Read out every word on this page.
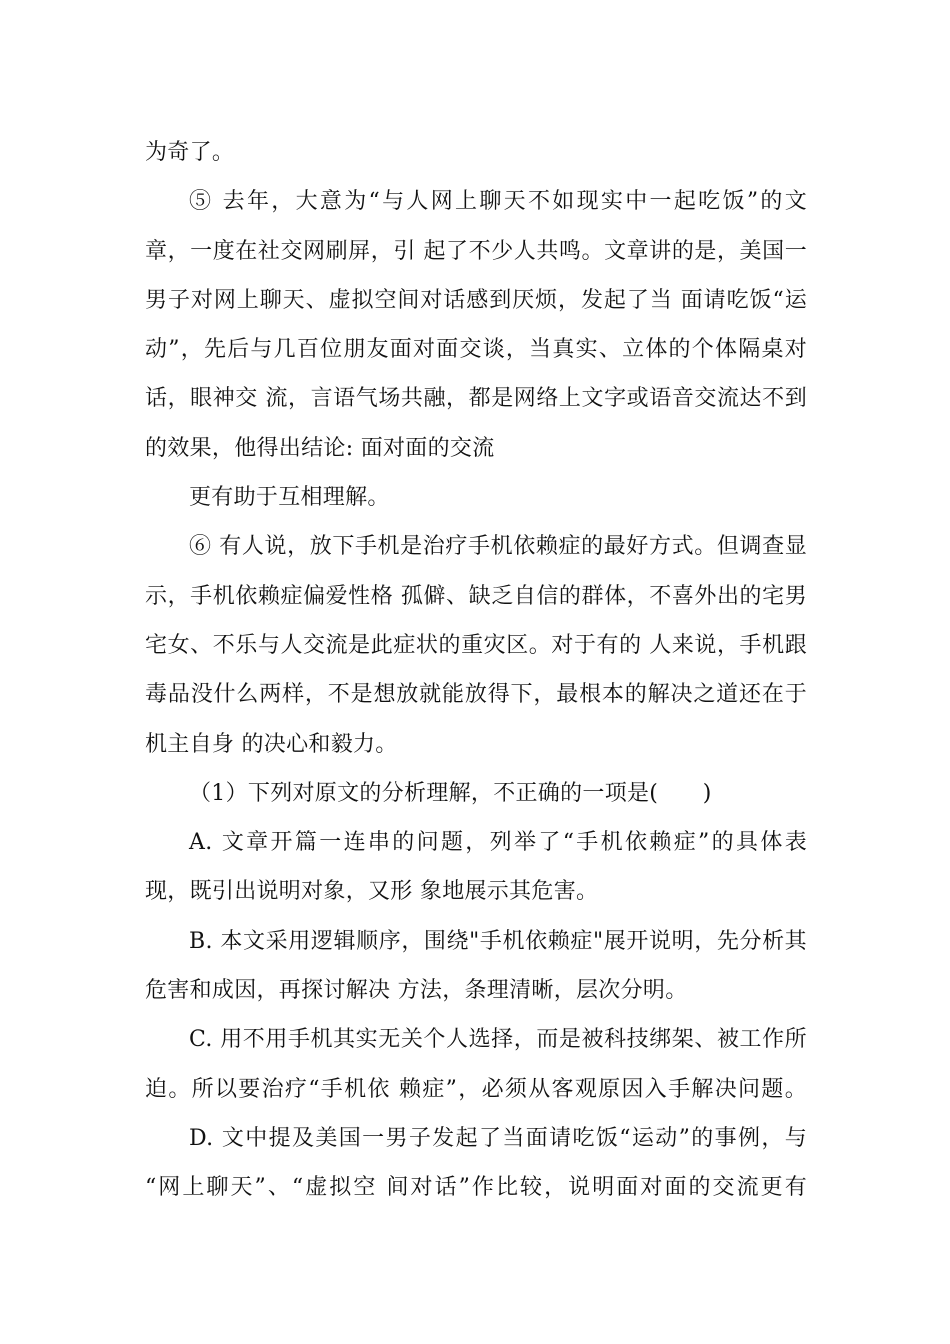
为奇了。
⑤ 去年，大意为“与人网上聊天不如现实中一起吃饭”的文
章，一度在社交网刷屏，引 起了不少人共鸣。文章讲的是，美国一
男子对网上聊天、虚拟空间对话感到厌烦，发起了当 面请吃饭“运
动”，先后与几百位朋友面对面交谈，当真实、立体的个体隔桌对
话，眼神交 流，言语气场共融，都是网络上文字或语音交流达不到
的效果，他得出结论: 面对面的交流
更有助于互相理解。
⑥ 有人说，放下手机是治疗手机依赖症的最好方式。但调查显
示，手机依赖症偏爱性格 孤僻、缺乏自信的群体，不喜外出的宅男
宅女、不乐与人交流是此症状的重灾区。对于有的 人来说，手机跟
毒品没什么两样，不是想放就能放得下，最根本的解决之道还在于
机主自身 的决心和毅力。
（1）下列对原文的分析理解，不正确的一项是(　　)
A. 文章开篇一连串的问题，列举了“手机依赖症”的具体表
现，既引出说明对象，又形 象地展示其危害。
B. 本文采用逻辑顺序，围绕"手机依赖症"展开说明，先分析其
危害和成因，再探讨解决 方法，条理清晰，层次分明。
C. 用不用手机其实无关个人选择，而是被科技绑架、被工作所
迫。所以要治疗“手机依 赖症”，必须从客观原因入手解决问题。
D. 文中提及美国一男子发起了当面请吃饭“运动”的事例，与
“网上聊天”、“虚拟空 间对话”作比较，说明面对面的交流更有
